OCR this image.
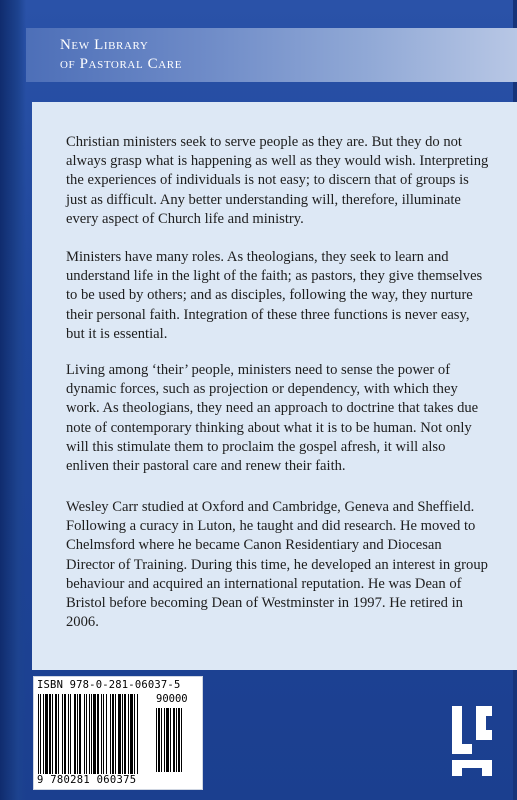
New Library
of Pastoral Care

Christian ministers seek to serve people as they are. But they do not always grasp what is happening as well as they would wish. Interpreting the experiences of individuals is not easy; to discern that of groups is just as difficult. Any better understanding will, therefore, illuminate every aspect of Church life and ministry.

Ministers have many roles. As theologians, they seek to learn and understand life in the light of the faith; as pastors, they give themselves to be used by others; and as disciples, following the way, they nurture their personal faith. Integration of these three functions is never easy, but it is essential.

Living among ‘their’ people, ministers need to sense the power of dynamic forces, such as projection or dependency, with which they work. As theologians, they need an approach to doctrine that takes due note of contemporary thinking about what it is to be human. Not only will this stimulate them to proclaim the gospel afresh, it will also enliven their pastoral care and renew their faith.

Wesley Carr studied at Oxford and Cambridge, Geneva and Sheffield. Following a curacy in Luton, he taught and did research. He moved to Chelmsford where he became Canon Residentiary and Diocesan Director of Training. During this time, he developed an interest in group behaviour and acquired an international reputation. He was Dean of Bristol before becoming Dean of Westminster in 1997. He retired in 2006.

ISBN 978-0-281-06037-5
90000
9 780281 060375
